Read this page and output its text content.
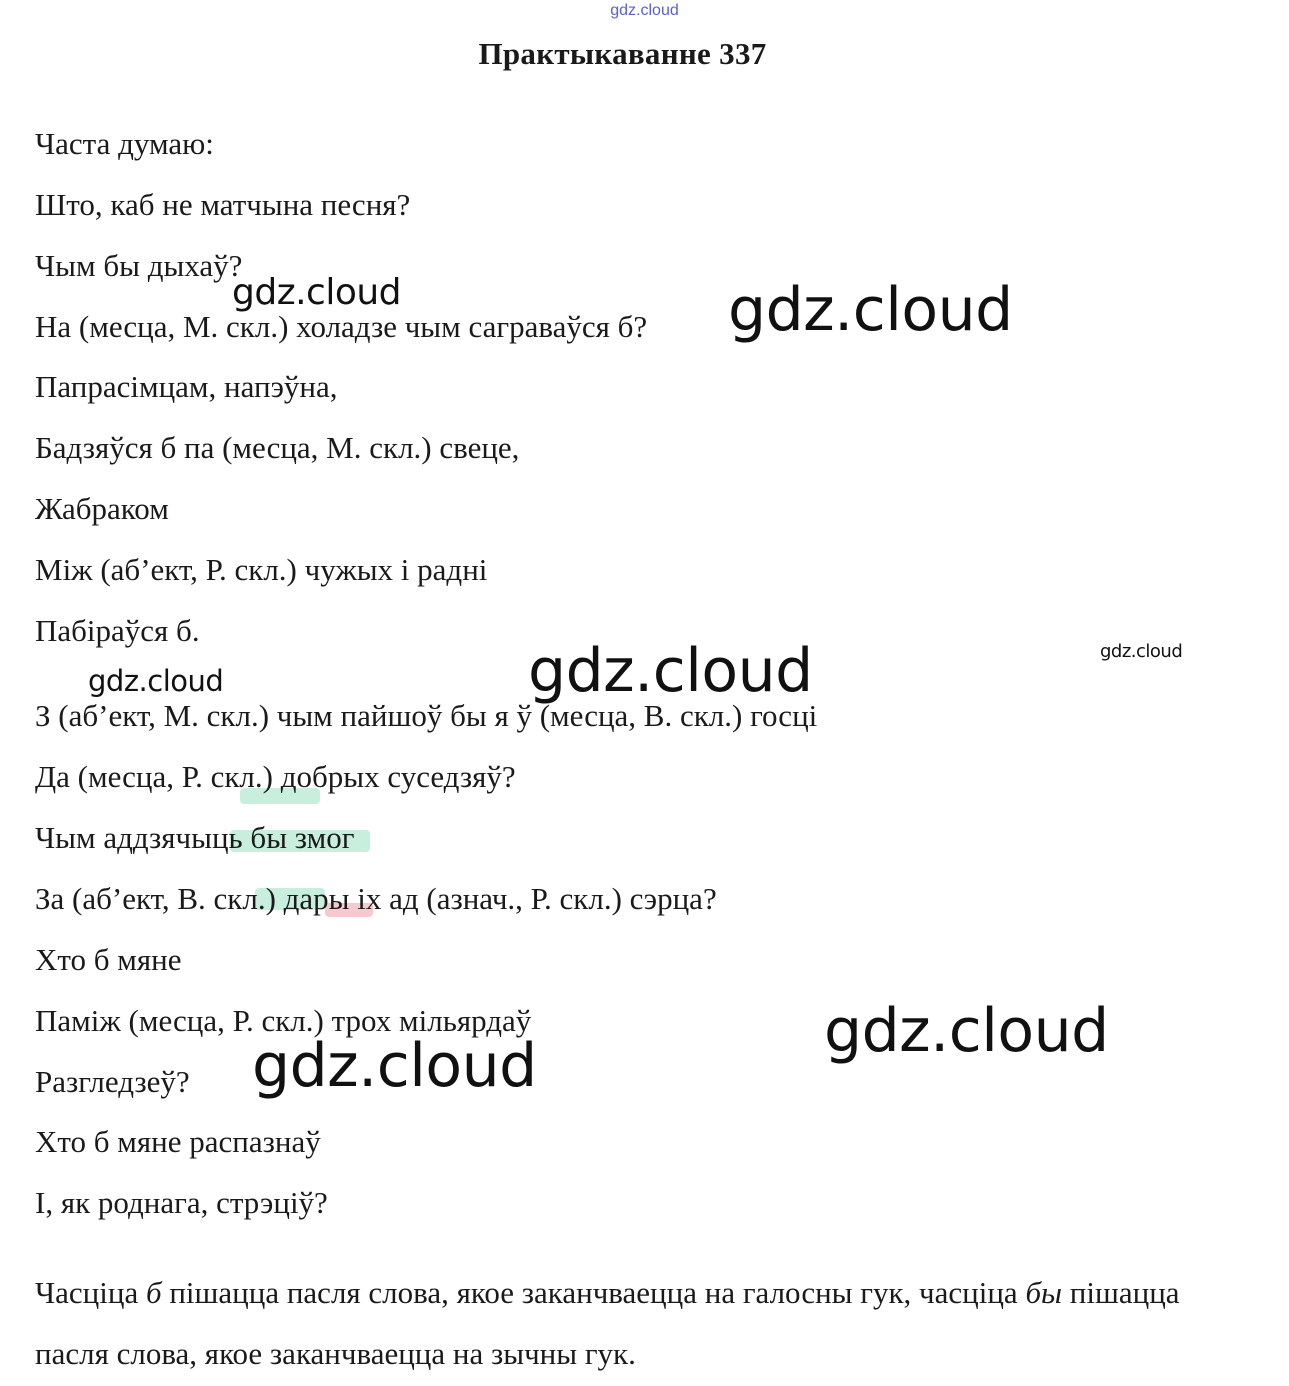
gdz.cloud
Практыкаванне 337
Часта думаю:
Што, каб не матчына песня?
Чым бы дыхаў?
На (месца, М. скл.) холадзе чым саграваўся б?
Папрасімцам, напэўна,
Бадзяўся б па (месца, М. скл.) свеце,
Жабраком
Між (аб’ект, Р. скл.) чужых і радні
Пабіраўся б.
З (аб’ект, М. скл.) чым пайшоў бы я ў (месца, В. скл.) госці
Да (месца, Р. скл.) добрых суседзяў?
Чым аддзячыць бы змог
За (аб’ект, В. скл.) дары іх ад (азнач., Р. скл.) сэрца?
Хто б мяне
Паміж (месца, Р. скл.) трох мільярдаў
Разгледзеў?
Хто б мяне распазнаў
І, як роднага, стрэціў?
Часціца б пішацца пасля слова, якое заканчваецца на галосны гук, часціца бы пішацца пасля слова, якое заканчваецца на зычны гук.
gdz.cloud	gdz.cloud
gdz.cloud
gdz.cloud
gdz.cloud
gdz.cloud
gdz.cloud
